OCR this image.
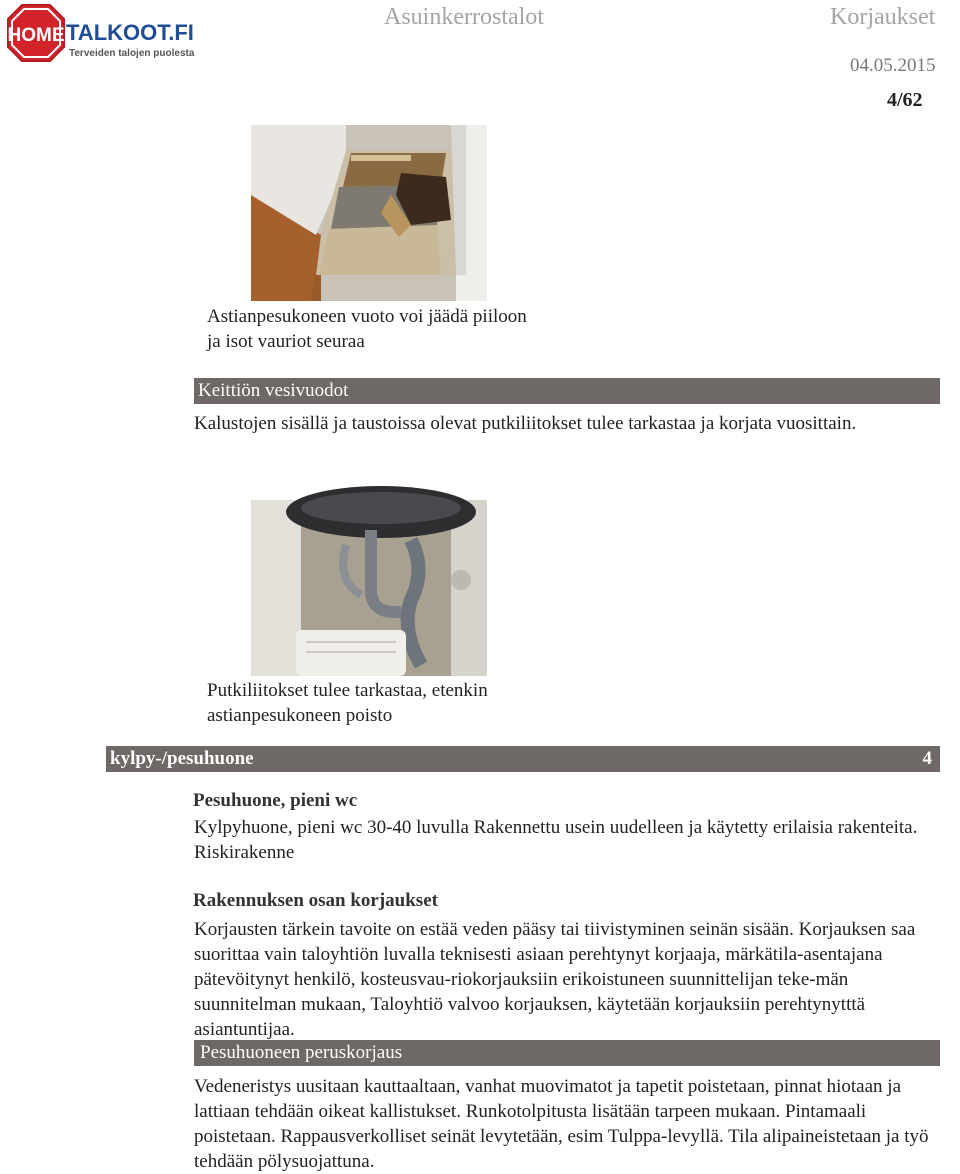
HOME TALKOOT.FI
Terveiden talojen puolesta
Asuinkerrostalot	Korjaukset
04.05.2015
4/62
Astianpesukoneen vuoto voi jäädä piiloon ja isot vauriot seuraa
Keittiön vesivuodot
Kalustojen sisällä ja taustoissa olevat putkiliitokset tulee tarkastaa ja korjata vuosittain.
Putkiliitokset tulee tarkastaa, etenkin astianpesukoneen poisto
kylpy-/pesuhuone	4
Pesuhuone, pieni wc
Kylpyhuone, pieni wc 30-40 luvulla Rakennettu usein uudelleen ja käytetty erilaisia rakenteita. Riskirakenne
Rakennuksen osan korjaukset
Korjausten tärkein tavoite on estää veden pääsy tai tiivistyminen seinän sisään. Korjauksen saa suorittaa vain taloyhtiön luvalla teknisesti asiaan perehtynyt korjaaja, märkätila-asentajana pätevöitynyt henkilö, kosteusvau-riokorjauksiin erikoistuneen suunnittelijan teke-män suunnitelman mukaan, Taloyhtiö valvoo korjauksen, käytetään korjauksiin perehtynytttä asiantuntijaa.
Pesuhuoneen peruskorjaus
Vedeneristys uusitaan kauttaaltaan, vanhat muovimatot ja tapetit poistetaan, pinnat hiotaan ja lattiaan tehdään oikeat kallistukset. Runkotolpitusta lisätään tarpeen mukaan. Pintamaali poistetaan. Rappausverkolliset seinät levytetään, esim Tulppa-levyllä. Tila alipaineistetaan ja työ tehdään pölysuojattuna.
